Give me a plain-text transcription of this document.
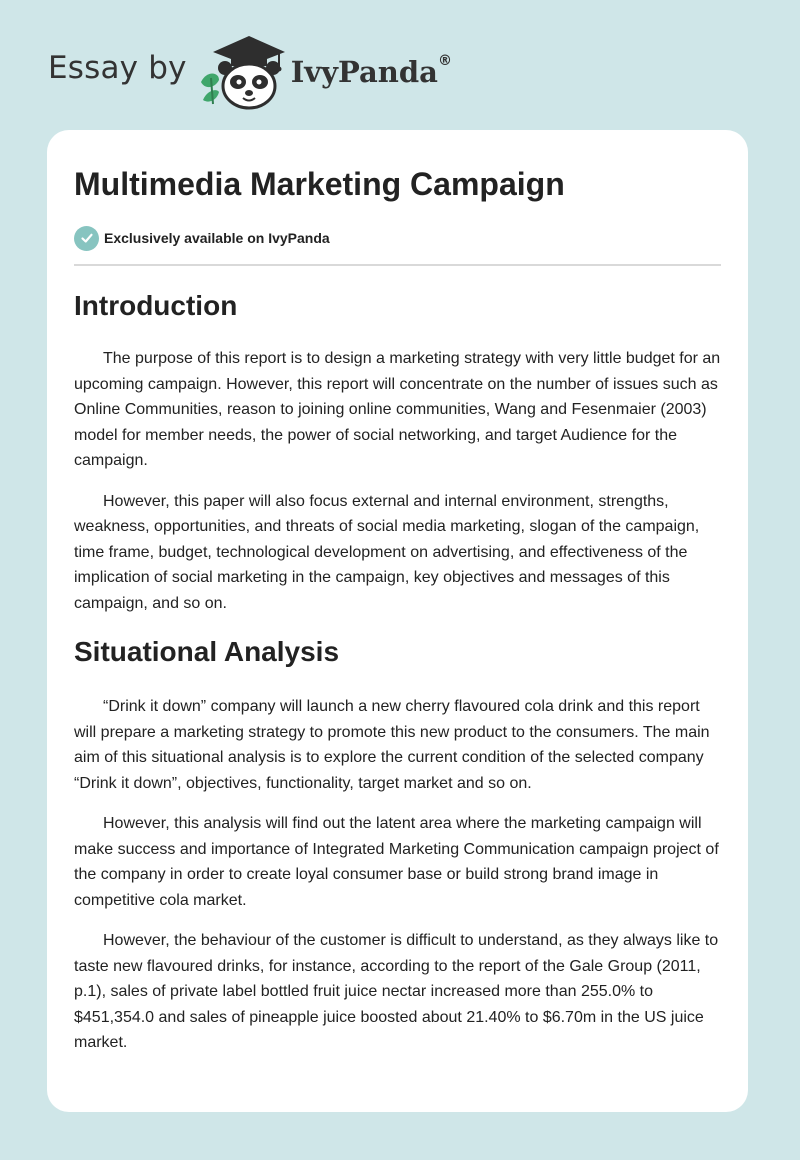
Essay by	IvyPanda®
Multimedia Marketing Campaign
Exclusively available on IvyPanda
Introduction

The purpose of this report is to design a marketing strategy with very little budget for an upcoming campaign. However, this report will concentrate on the number of issues such as Online Communities, reason to joining online communities, Wang and Fesenmaier (2003) model for member needs, the power of social networking, and target Audience for the campaign.

However, this paper will also focus external and internal environment, strengths, weakness, opportunities, and threats of social media marketing, slogan of the campaign, time frame, budget, technological development on advertising, and effectiveness of the implication of social marketing in the campaign, key objectives and messages of this campaign, and so on.

Situational Analysis

“Drink it down” company will launch a new cherry flavoured cola drink and this report will prepare a marketing strategy to promote this new product to the consumers. The main aim of this situational analysis is to explore the current condition of the selected company “Drink it down”, objectives, functionality, target market and so on.

However, this analysis will find out the latent area where the marketing campaign will make success and importance of Integrated Marketing Communication campaign project of the company in order to create loyal consumer base or build strong brand image in competitive cola market.

However, the behaviour of the customer is difficult to understand, as they always like to taste new flavoured drinks, for instance, according to the report of the Gale Group (2011, p.1), sales of private label bottled fruit juice nectar increased more than 255.0% to $451,354.0 and sales of pineapple juice boosted about 21.40% to $6.70m in the US juice market.
